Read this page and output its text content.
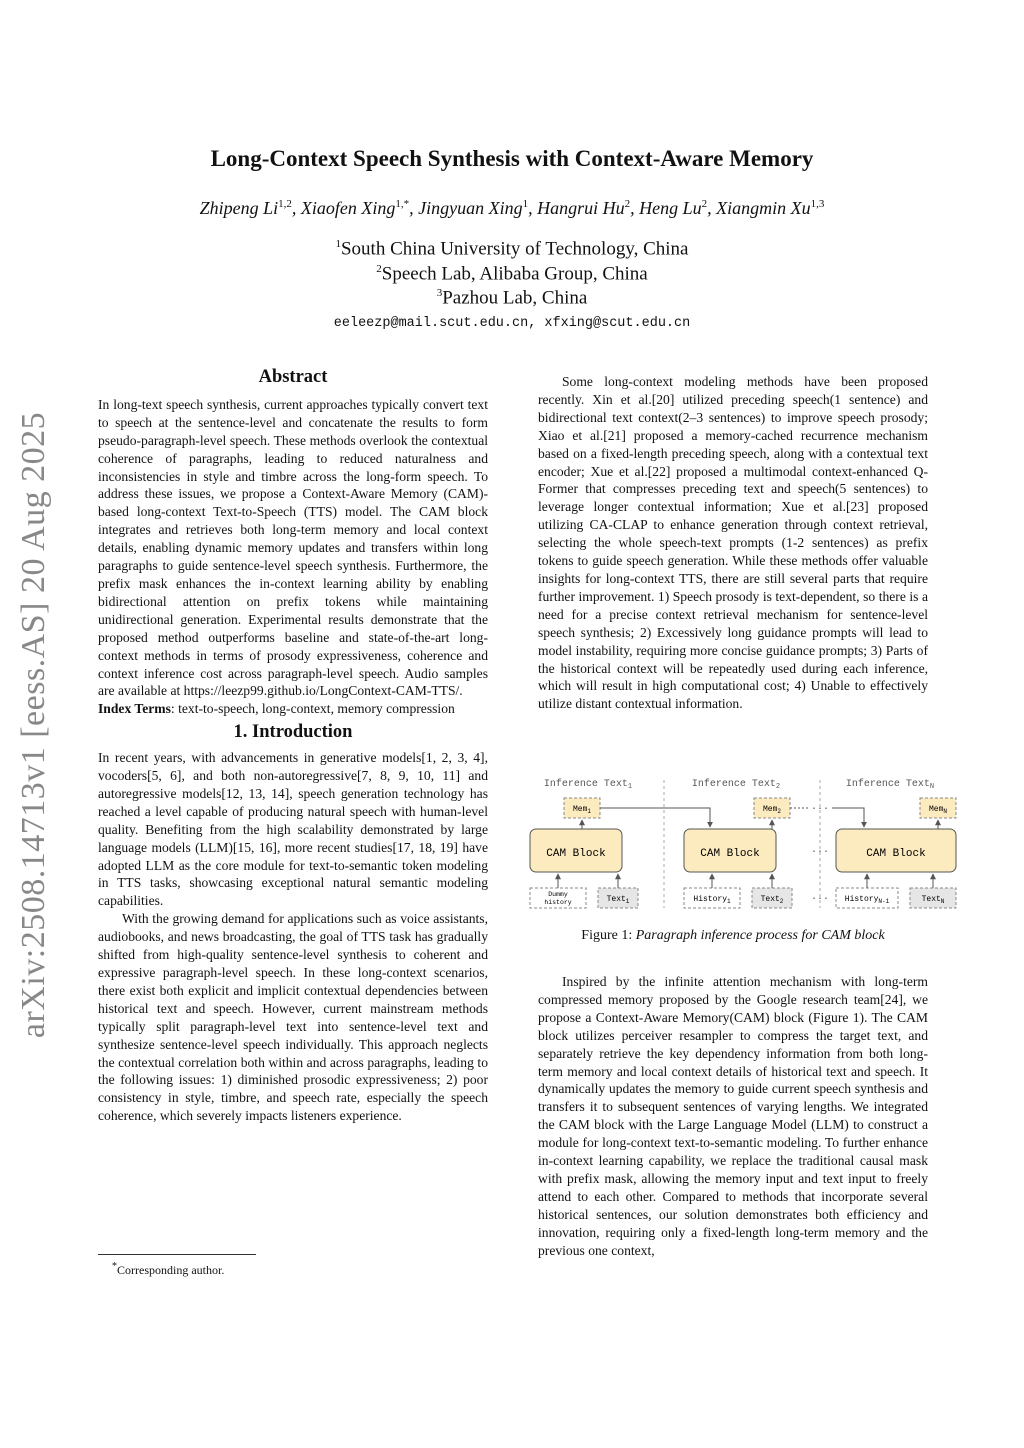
arXiv:2508.14713v1 [eess.AS] 20 Aug 2025
Long-Context Speech Synthesis with Context-Aware Memory
Zhipeng Li$^{1,2}$, Xiaofen Xing$^{1,*}$, Jingyuan Xing$^1$, Hangrui Hu$^2$, Heng Lu$^2$, Xiangmin Xu$^{1,3}$
$^1$South China University of Technology, China
$^2$Speech Lab, Alibaba Group, China
$^3$Pazhou Lab, China
eeleezp@mail.scut.edu.cn, xfxing@scut.edu.cn
Abstract

In long-text speech synthesis, current approaches typically convert text to speech at the sentence-level and concatenate the results to form pseudo-paragraph-level speech. These methods overlook the contextual coherence of paragraphs, leading to reduced naturalness and inconsistencies in style and timbre across the long-form speech. To address these issues, we propose a Context-Aware Memory (CAM)-based long-context Text-to-Speech (TTS) model. The CAM block integrates and retrieves both long-term memory and local context details, enabling dynamic memory updates and transfers within long paragraphs to guide sentence-level speech synthesis. Furthermore, the prefix mask enhances the in-context learning ability by enabling bidirectional attention on prefix tokens while maintaining unidirectional generation. Experimental results demonstrate that the proposed method outperforms baseline and state-of-the-art long-context methods in terms of prosody expressiveness, coherence and context inference cost across paragraph-level speech. Audio samples are available at https://leezp99.github.io/LongContext-CAM-TTS/.

Index Terms: text-to-speech, long-context, memory compression

1. Introduction

In recent years, with advancements in generative models[1, 2, 3, 4], vocoders[5, 6], and both non-autoregressive[7, 8, 9, 10, 11] and autoregressive models[12, 13, 14], speech generation technology has reached a level capable of producing natural speech with human-level quality. Benefiting from the high scalability demonstrated by large language models (LLM)[15, 16], more recent studies[17, 18, 19] have adopted LLM as the core module for text-to-semantic token modeling in TTS tasks, showcasing exceptional natural semantic modeling capabilities.

With the growing demand for applications such as voice assistants, audiobooks, and news broadcasting, the goal of TTS task has gradually shifted from high-quality sentence-level synthesis to coherent and expressive paragraph-level speech. In these long-context scenarios, there exist both explicit and implicit contextual dependencies between historical text and speech. However, current mainstream methods typically split paragraph-level text into sentence-level text and synthesize sentence-level speech individually. This approach neglects the contextual correlation both within and across paragraphs, leading to the following issues: 1) diminished prosodic expressiveness; 2) poor consistency in style, timbre, and speech rate, especially the speech coherence, which severely impacts listeners experience.

*Corresponding author.

Some long-context modeling methods have been proposed recently. Xin et al.[20] utilized preceding speech(1 sentence) and bidirectional text context(2–3 sentences) to improve speech prosody; Xiao et al.[21] proposed a memory-cached recurrence mechanism based on a fixed-length preceding speech, along with a contextual text encoder; Xue et al.[22] proposed a multimodal context-enhanced Q-Former that compresses preceding text and speech(5 sentences) to leverage longer contextual information; Xue et al.[23] proposed utilizing CA-CLAP to enhance generation through context retrieval, selecting the whole speech-text prompts (1-2 sentences) as prefix tokens to guide speech generation. While these methods offer valuable insights for long-context TTS, there are still several parts that require further improvement. 1) Speech prosody is text-dependent, so there is a need for a precise context retrieval mechanism for sentence-level speech synthesis; 2) Excessively long guidance prompts will lead to model instability, requiring more concise guidance prompts; 3) Parts of the historical context will be repeatedly used during each inference, which will result in high computational cost; 4) Unable to effectively utilize distant contextual information.

Inference Text$_1$
Mem$_1$
CAM Block
Dummy
history	Text$_1$
Inference Text$_2$
Mem$_2$
CAM Block
History$_1$	Text$_2$
···
···
···
Inference Text$_N$
Mem$_N$
CAM Block
History$_{N-1}$	Text$_N$
Figure 1: Paragraph inference process for CAM block

Inspired by the infinite attention mechanism with long-term compressed memory proposed by the Google research team[24], we propose a Context-Aware Memory(CAM) block (Figure 1). The CAM block utilizes perceiver resampler to compress the target text, and separately retrieve the key dependency information from both long-term memory and local context details of historical text and speech. It dynamically updates the memory to guide current speech synthesis and transfers it to subsequent sentences of varying lengths. We integrated the CAM block with the Large Language Model (LLM) to construct a module for long-context text-to-semantic modeling. To further enhance in-context learning capability, we replace the traditional causal mask with prefix mask, allowing the memory input and text input to freely attend to each other. Compared to methods that incorporate several historical sentences, our solution demonstrates both efficiency and innovation, requiring only a fixed-length long-term memory and the previous one context,
